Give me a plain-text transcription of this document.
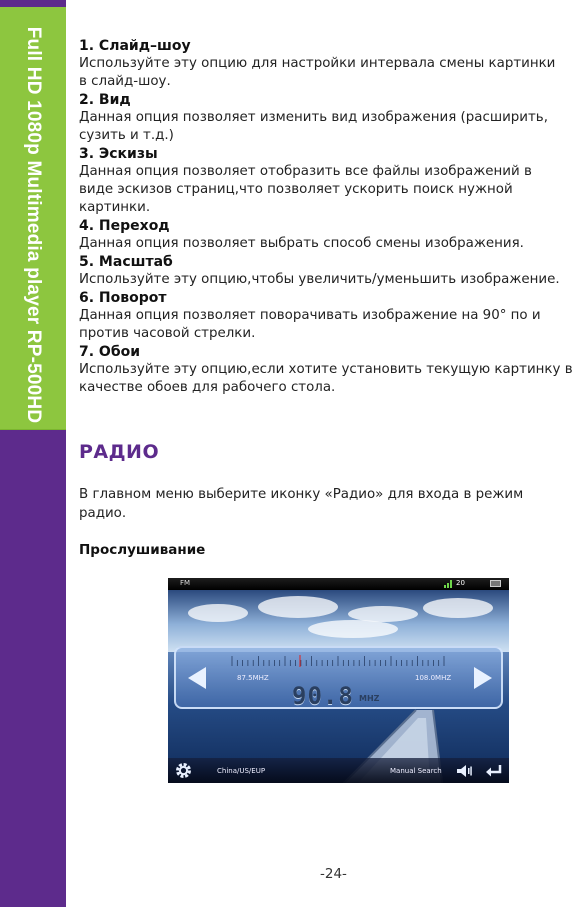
Full HD 1080p Multimedia player RP-500HD	1. Слайд–шоу
Используйте эту опцию для настройки интервала смены картинки
в слайд-шоу.
2. Вид
Данная опция позволяет изменить вид изображения (расширить,
сузить и т.д.)
3. Эскизы
Данная опция позволяет отобразить все файлы изображений в
виде эскизов страниц,что позволяет ускорить поиск нужной
картинки.
4. Переход
Данная опция позволяет выбрать способ смены изображения.
5. Масштаб
Используйте эту опцию,чтобы увеличить/уменьшить изображение.
6. Поворот
Данная опция позволяет поворачивать изображение на 90° по и
против часовой стрелки.
7. Обои
Используйте эту опцию,если хотите установить текущую картинку в
качестве обоев для рабочего стола.
РАДИО
В главном меню выберите иконку «Радио» для входа в режим
радио.
Прослушивание
FM	20
87.5MHZ	108.0MHZ
90.8 MHZ
China/US/EUP	Manual Search
-24-
